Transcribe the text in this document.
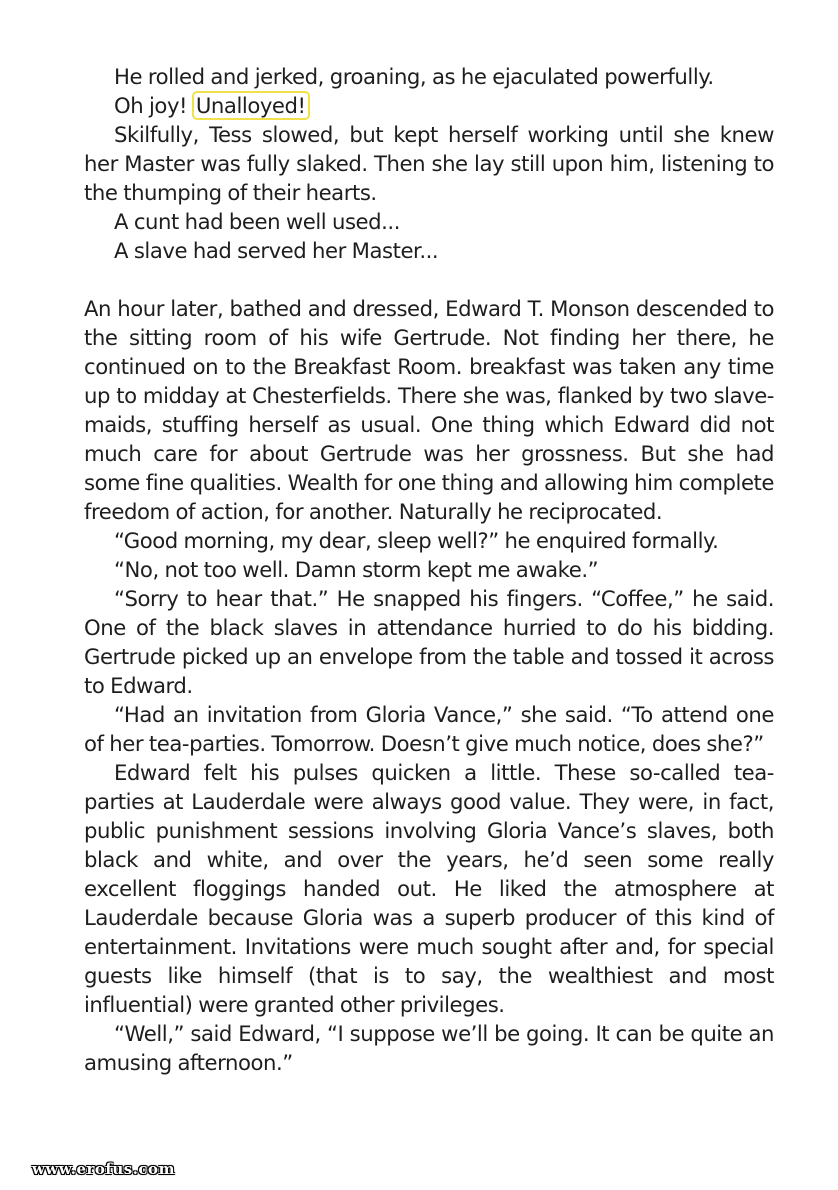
He rolled and jerked, groaning, as he ejaculated powerfully.

Oh joy! Unalloyed!

Skilfully, Tess slowed, but kept herself working until she knew her Master was fully slaked. Then she lay still upon him, listening to the thumping of their hearts.

A cunt had been well used...

A slave had served her Master...

An hour later, bathed and dressed, Edward T. Monson descended to the sitting room of his wife Gertrude. Not finding her there, he continued on to the Breakfast Room. breakfast was taken any time up to midday at Chesterfields. There she was, flanked by two slave-maids, stuffing herself as usual. One thing which Edward did not much care for about Gertrude was her grossness. But she had some fine qualities. Wealth for one thing and allowing him complete freedom of action, for another. Naturally he reciprocated.

“Good morning, my dear, sleep well?” he enquired formally.

“No, not too well. Damn storm kept me awake.”

“Sorry to hear that.” He snapped his fingers. “Coffee,” he said. One of the black slaves in attendance hurried to do his bidding. Gertrude picked up an envelope from the table and tossed it across to Edward.

“Had an invitation from Gloria Vance,” she said. “To attend one of her tea-parties. Tomorrow. Doesn’t give much notice, does she?”

Edward felt his pulses quicken a little. These so-called tea-parties at Lauderdale were always good value. They were, in fact, public punishment sessions involving Gloria Vance’s slaves, both black and white, and over the years, he’d seen some really excellent floggings handed out. He liked the atmosphere at Lauderdale because Gloria was a superb producer of this kind of entertainment. Invitations were much sought after and, for special guests like himself (that is to say, the wealthiest and most influential) were granted other privileges.

“Well,” said Edward, “I suppose we’ll be going. It can be quite an amusing afternoon.”

www.erofus.com
